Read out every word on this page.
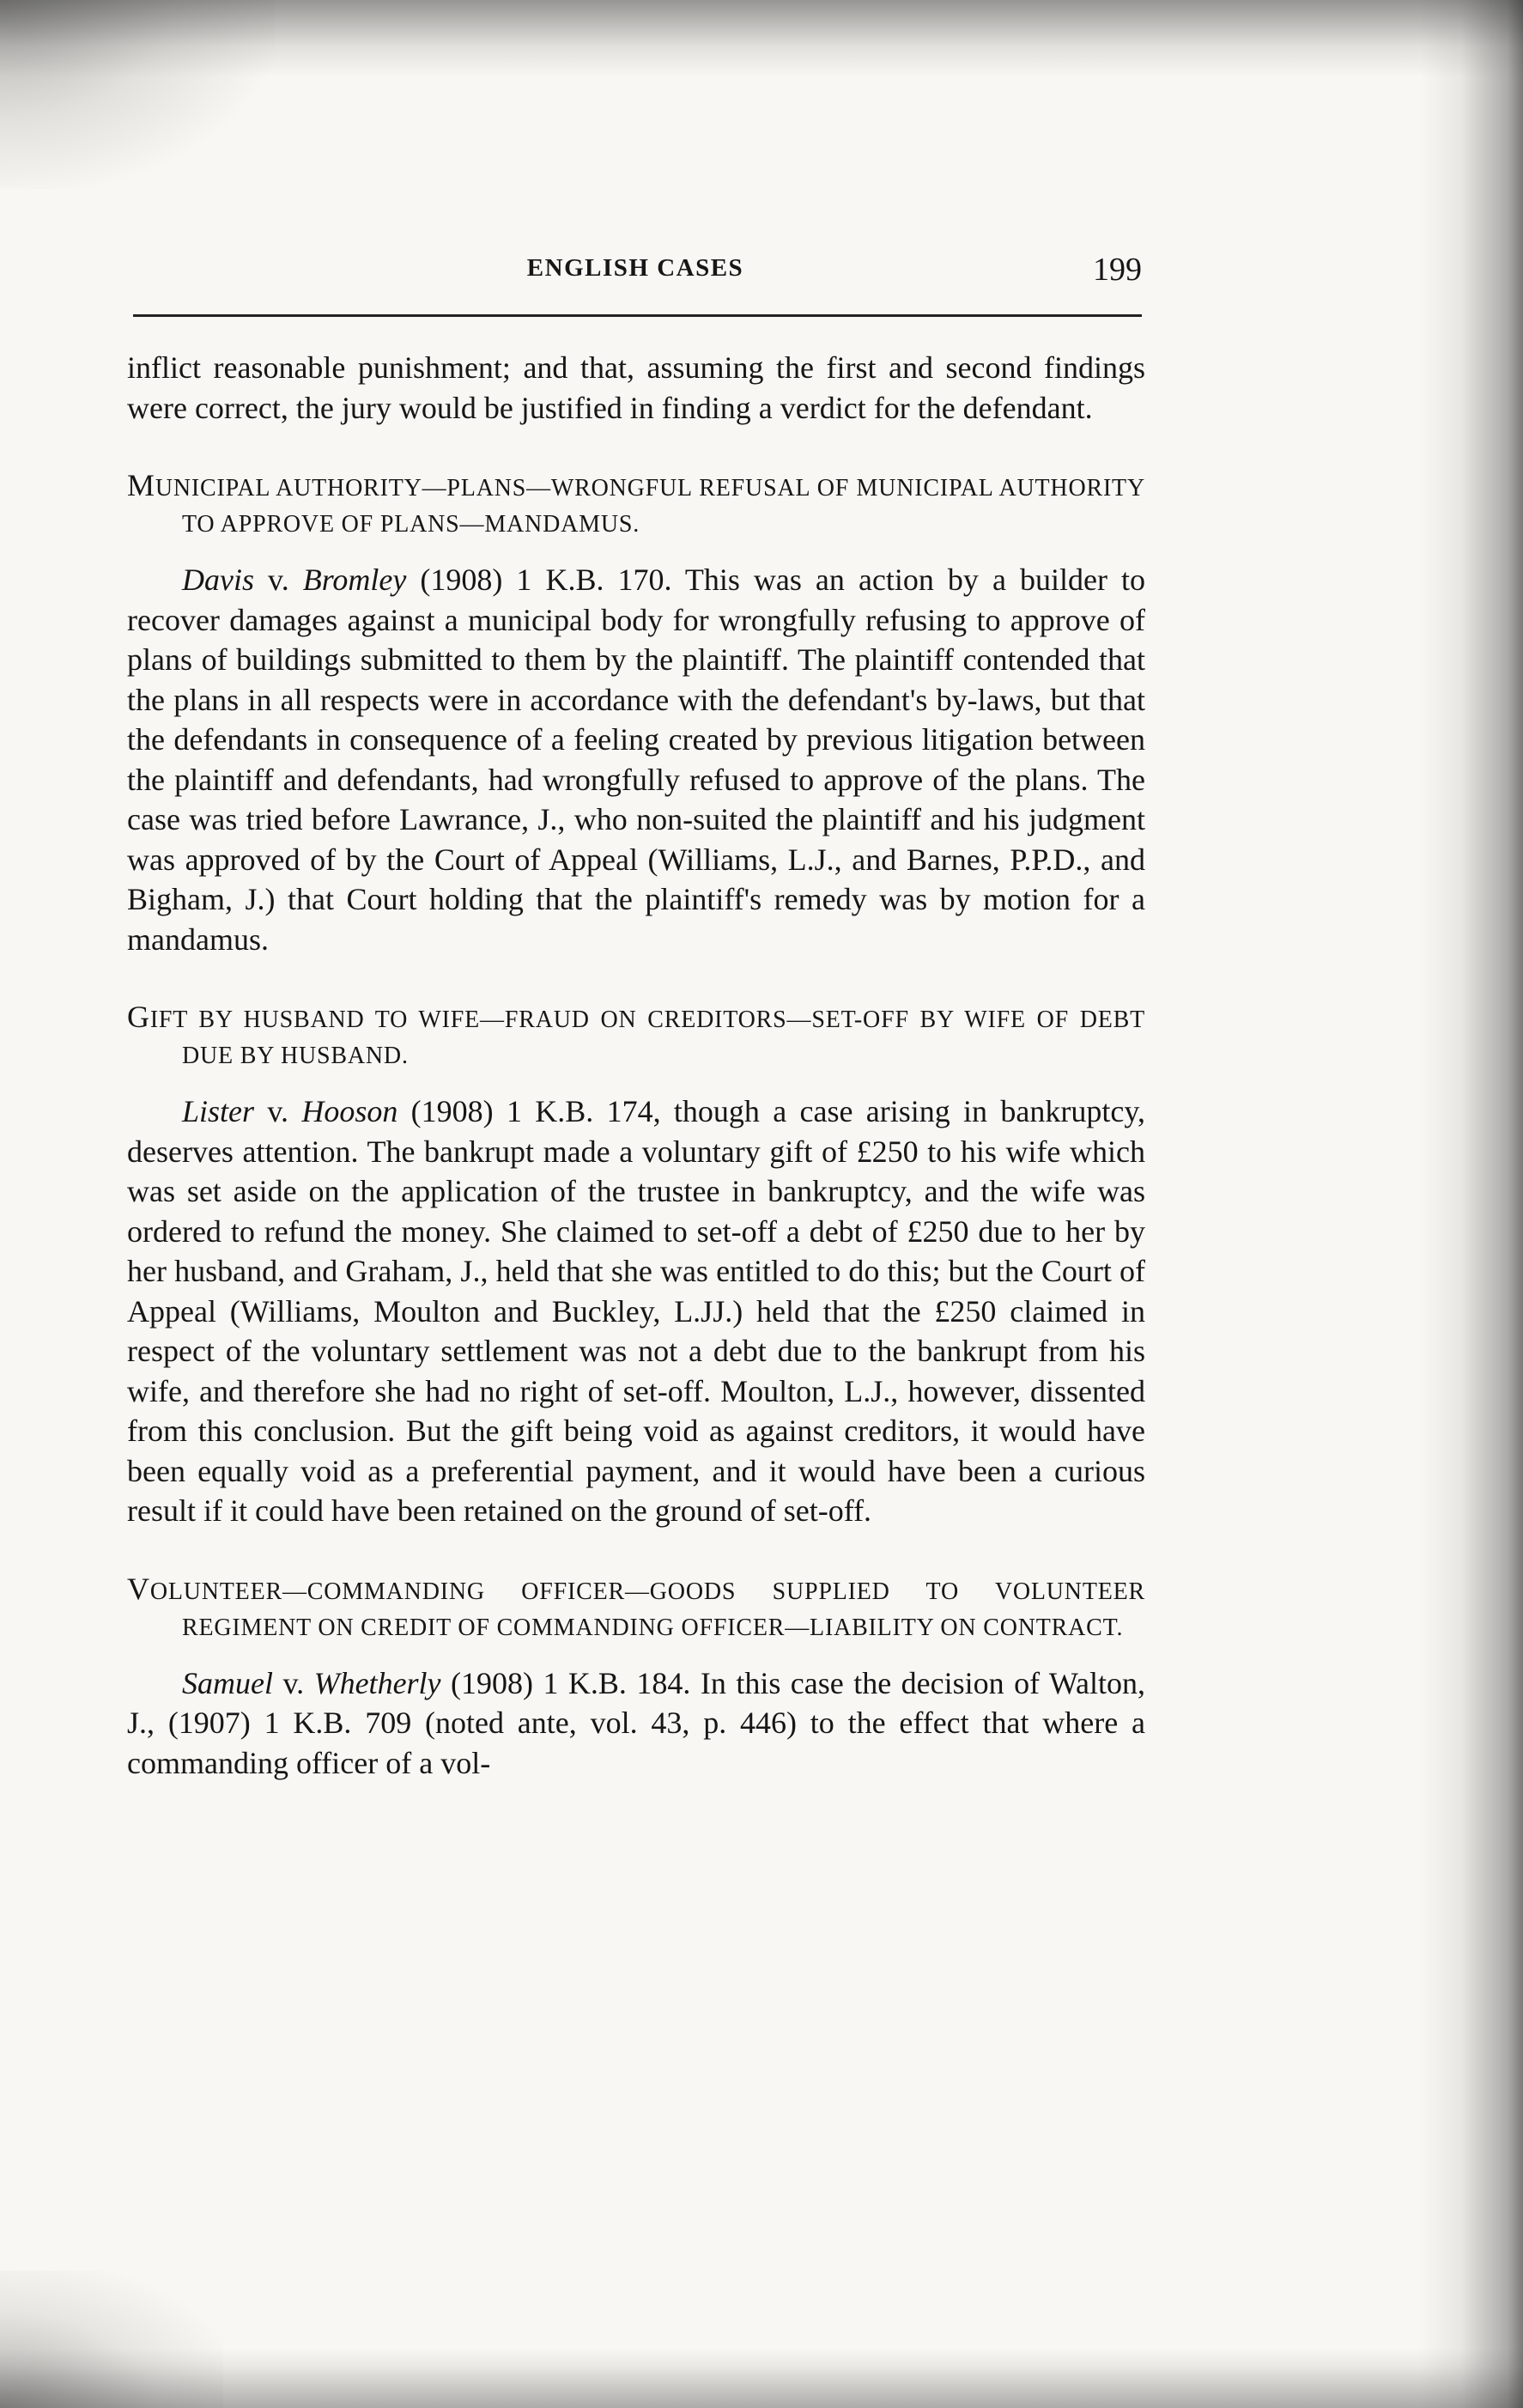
ENGLISH CASES	199

inflict reasonable punishment; and that, assuming the first and second findings were correct, the jury would be justified in finding a verdict for the defendant.

MUNICIPAL AUTHORITY—PLANS—WRONGFUL REFUSAL OF MUNICIPAL AUTHORITY TO APPROVE OF PLANS—MANDAMUS.

Davis v. Bromley (1908) 1 K.B. 170. This was an action by a builder to recover damages against a municipal body for wrongfully refusing to approve of plans of buildings submitted to them by the plaintiff. The plaintiff contended that the plans in all respects were in accordance with the defendant's by-laws, but that the defendants in consequence of a feeling created by previous litigation between the plaintiff and defendants, had wrongfully refused to approve of the plans. The case was tried before Lawrance, J., who non-suited the plaintiff and his judgment was approved of by the Court of Appeal (Williams, L.J., and Barnes, P.P.D., and Bigham, J.) that Court holding that the plaintiff's remedy was by motion for a mandamus.

GIFT BY HUSBAND TO WIFE—FRAUD ON CREDITORS—SET-OFF BY WIFE OF DEBT DUE BY HUSBAND.

Lister v. Hooson (1908) 1 K.B. 174, though a case arising in bankruptcy, deserves attention. The bankrupt made a voluntary gift of £250 to his wife which was set aside on the application of the trustee in bankruptcy, and the wife was ordered to refund the money. She claimed to set-off a debt of £250 due to her by her husband, and Graham, J., held that she was entitled to do this; but the Court of Appeal (Williams, Moulton and Buckley, L.JJ.) held that the £250 claimed in respect of the voluntary settlement was not a debt due to the bankrupt from his wife, and therefore she had no right of set-off. Moulton, L.J., however, dissented from this conclusion. But the gift being void as against creditors, it would have been equally void as a preferential payment, and it would have been a curious result if it could have been retained on the ground of set-off.

VOLUNTEER—COMMANDING OFFICER—GOODS SUPPLIED TO VOLUNTEER REGIMENT ON CREDIT OF COMMANDING OFFICER—LIABILITY ON CONTRACT.

Samuel v. Whetherly (1908) 1 K.B. 184. In this case the decision of Walton, J., (1907) 1 K.B. 709 (noted ante, vol. 43, p. 446) to the effect that where a commanding officer of a vol-
